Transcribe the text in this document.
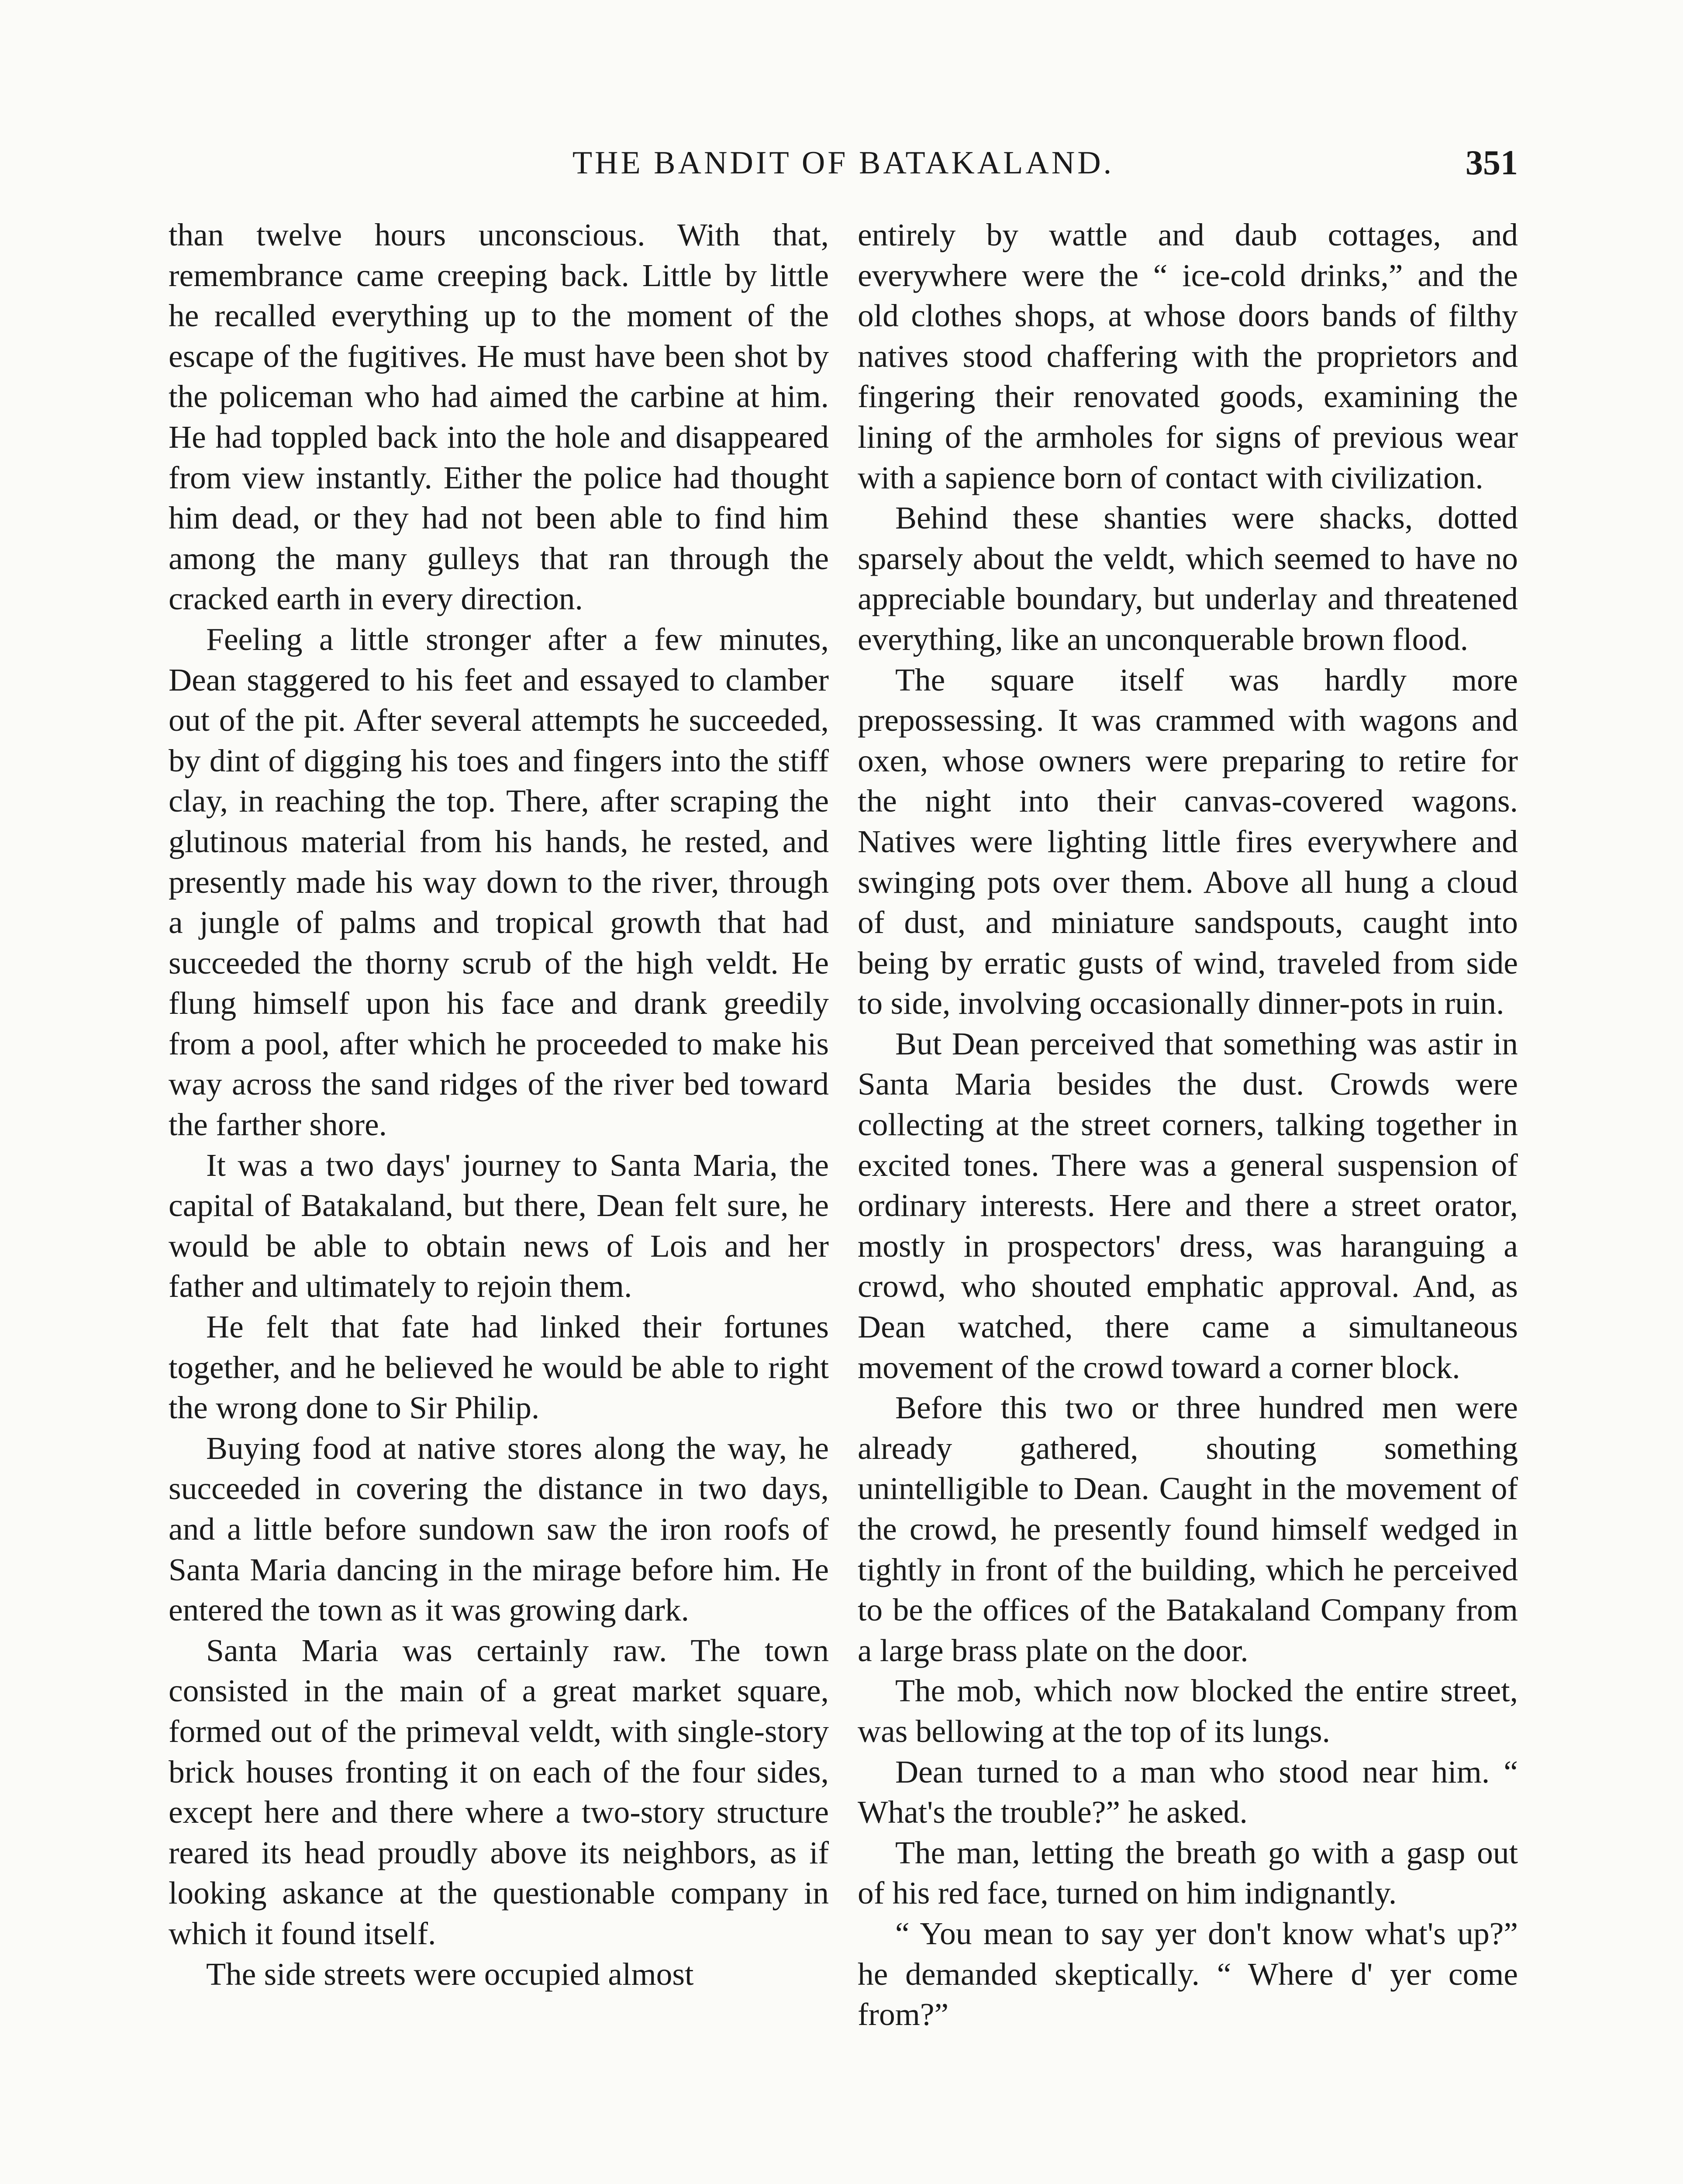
THE BANDIT OF BATAKALAND.	351

than twelve hours unconscious. With that, remembrance came creeping back. Little by little he recalled everything up to the moment of the escape of the fugitives. He must have been shot by the policeman who had aimed the carbine at him. He had toppled back into the hole and disappeared from view instantly. Either the police had thought him dead, or they had not been able to find him among the many gulleys that ran through the cracked earth in every direction.

Feeling a little stronger after a few minutes, Dean staggered to his feet and essayed to clamber out of the pit. After several attempts he succeeded, by dint of digging his toes and fingers into the stiff clay, in reaching the top. There, after scraping the glutinous material from his hands, he rested, and presently made his way down to the river, through a jungle of palms and tropical growth that had succeeded the thorny scrub of the high veldt. He flung himself upon his face and drank greedily from a pool, after which he proceeded to make his way across the sand ridges of the river bed toward the farther shore.

It was a two days' journey to Santa Maria, the capital of Batakaland, but there, Dean felt sure, he would be able to obtain news of Lois and her father and ultimately to rejoin them.

He felt that fate had linked their fortunes together, and he believed he would be able to right the wrong done to Sir Philip.

Buying food at native stores along the way, he succeeded in covering the distance in two days, and a little before sundown saw the iron roofs of Santa Maria dancing in the mirage before him. He entered the town as it was growing dark.

Santa Maria was certainly raw. The town consisted in the main of a great market square, formed out of the primeval veldt, with single-story brick houses fronting it on each of the four sides, except here and there where a two-story structure reared its head proudly above its neighbors, as if looking askance at the questionable company in which it found itself.

The side streets were occupied almost

entirely by wattle and daub cottages, and everywhere were the “ ice-cold drinks,” and the old clothes shops, at whose doors bands of filthy natives stood chaffering with the proprietors and fingering their renovated goods, examining the lining of the armholes for signs of previous wear with a sapience born of contact with civilization.

Behind these shanties were shacks, dotted sparsely about the veldt, which seemed to have no appreciable boundary, but underlay and threatened everything, like an unconquerable brown flood.

The square itself was hardly more prepossessing. It was crammed with wagons and oxen, whose owners were preparing to retire for the night into their canvas-covered wagons. Natives were lighting little fires everywhere and swinging pots over them. Above all hung a cloud of dust, and miniature sandspouts, caught into being by erratic gusts of wind, traveled from side to side, involving occasionally dinner-pots in ruin.

But Dean perceived that something was astir in Santa Maria besides the dust. Crowds were collecting at the street corners, talking together in excited tones. There was a general suspension of ordinary interests. Here and there a street orator, mostly in prospectors' dress, was haranguing a crowd, who shouted emphatic approval. And, as Dean watched, there came a simultaneous movement of the crowd toward a corner block.

Before this two or three hundred men were already gathered, shouting something unintelligible to Dean. Caught in the movement of the crowd, he presently found himself wedged in tightly in front of the building, which he perceived to be the offices of the Batakaland Company from a large brass plate on the door.

The mob, which now blocked the entire street, was bellowing at the top of its lungs.

Dean turned to a man who stood near him. “ What's the trouble?” he asked.

The man, letting the breath go with a gasp out of his red face, turned on him indignantly.

“ You mean to say yer don't know what's up?” he demanded skeptically. “ Where d' yer come from?”
